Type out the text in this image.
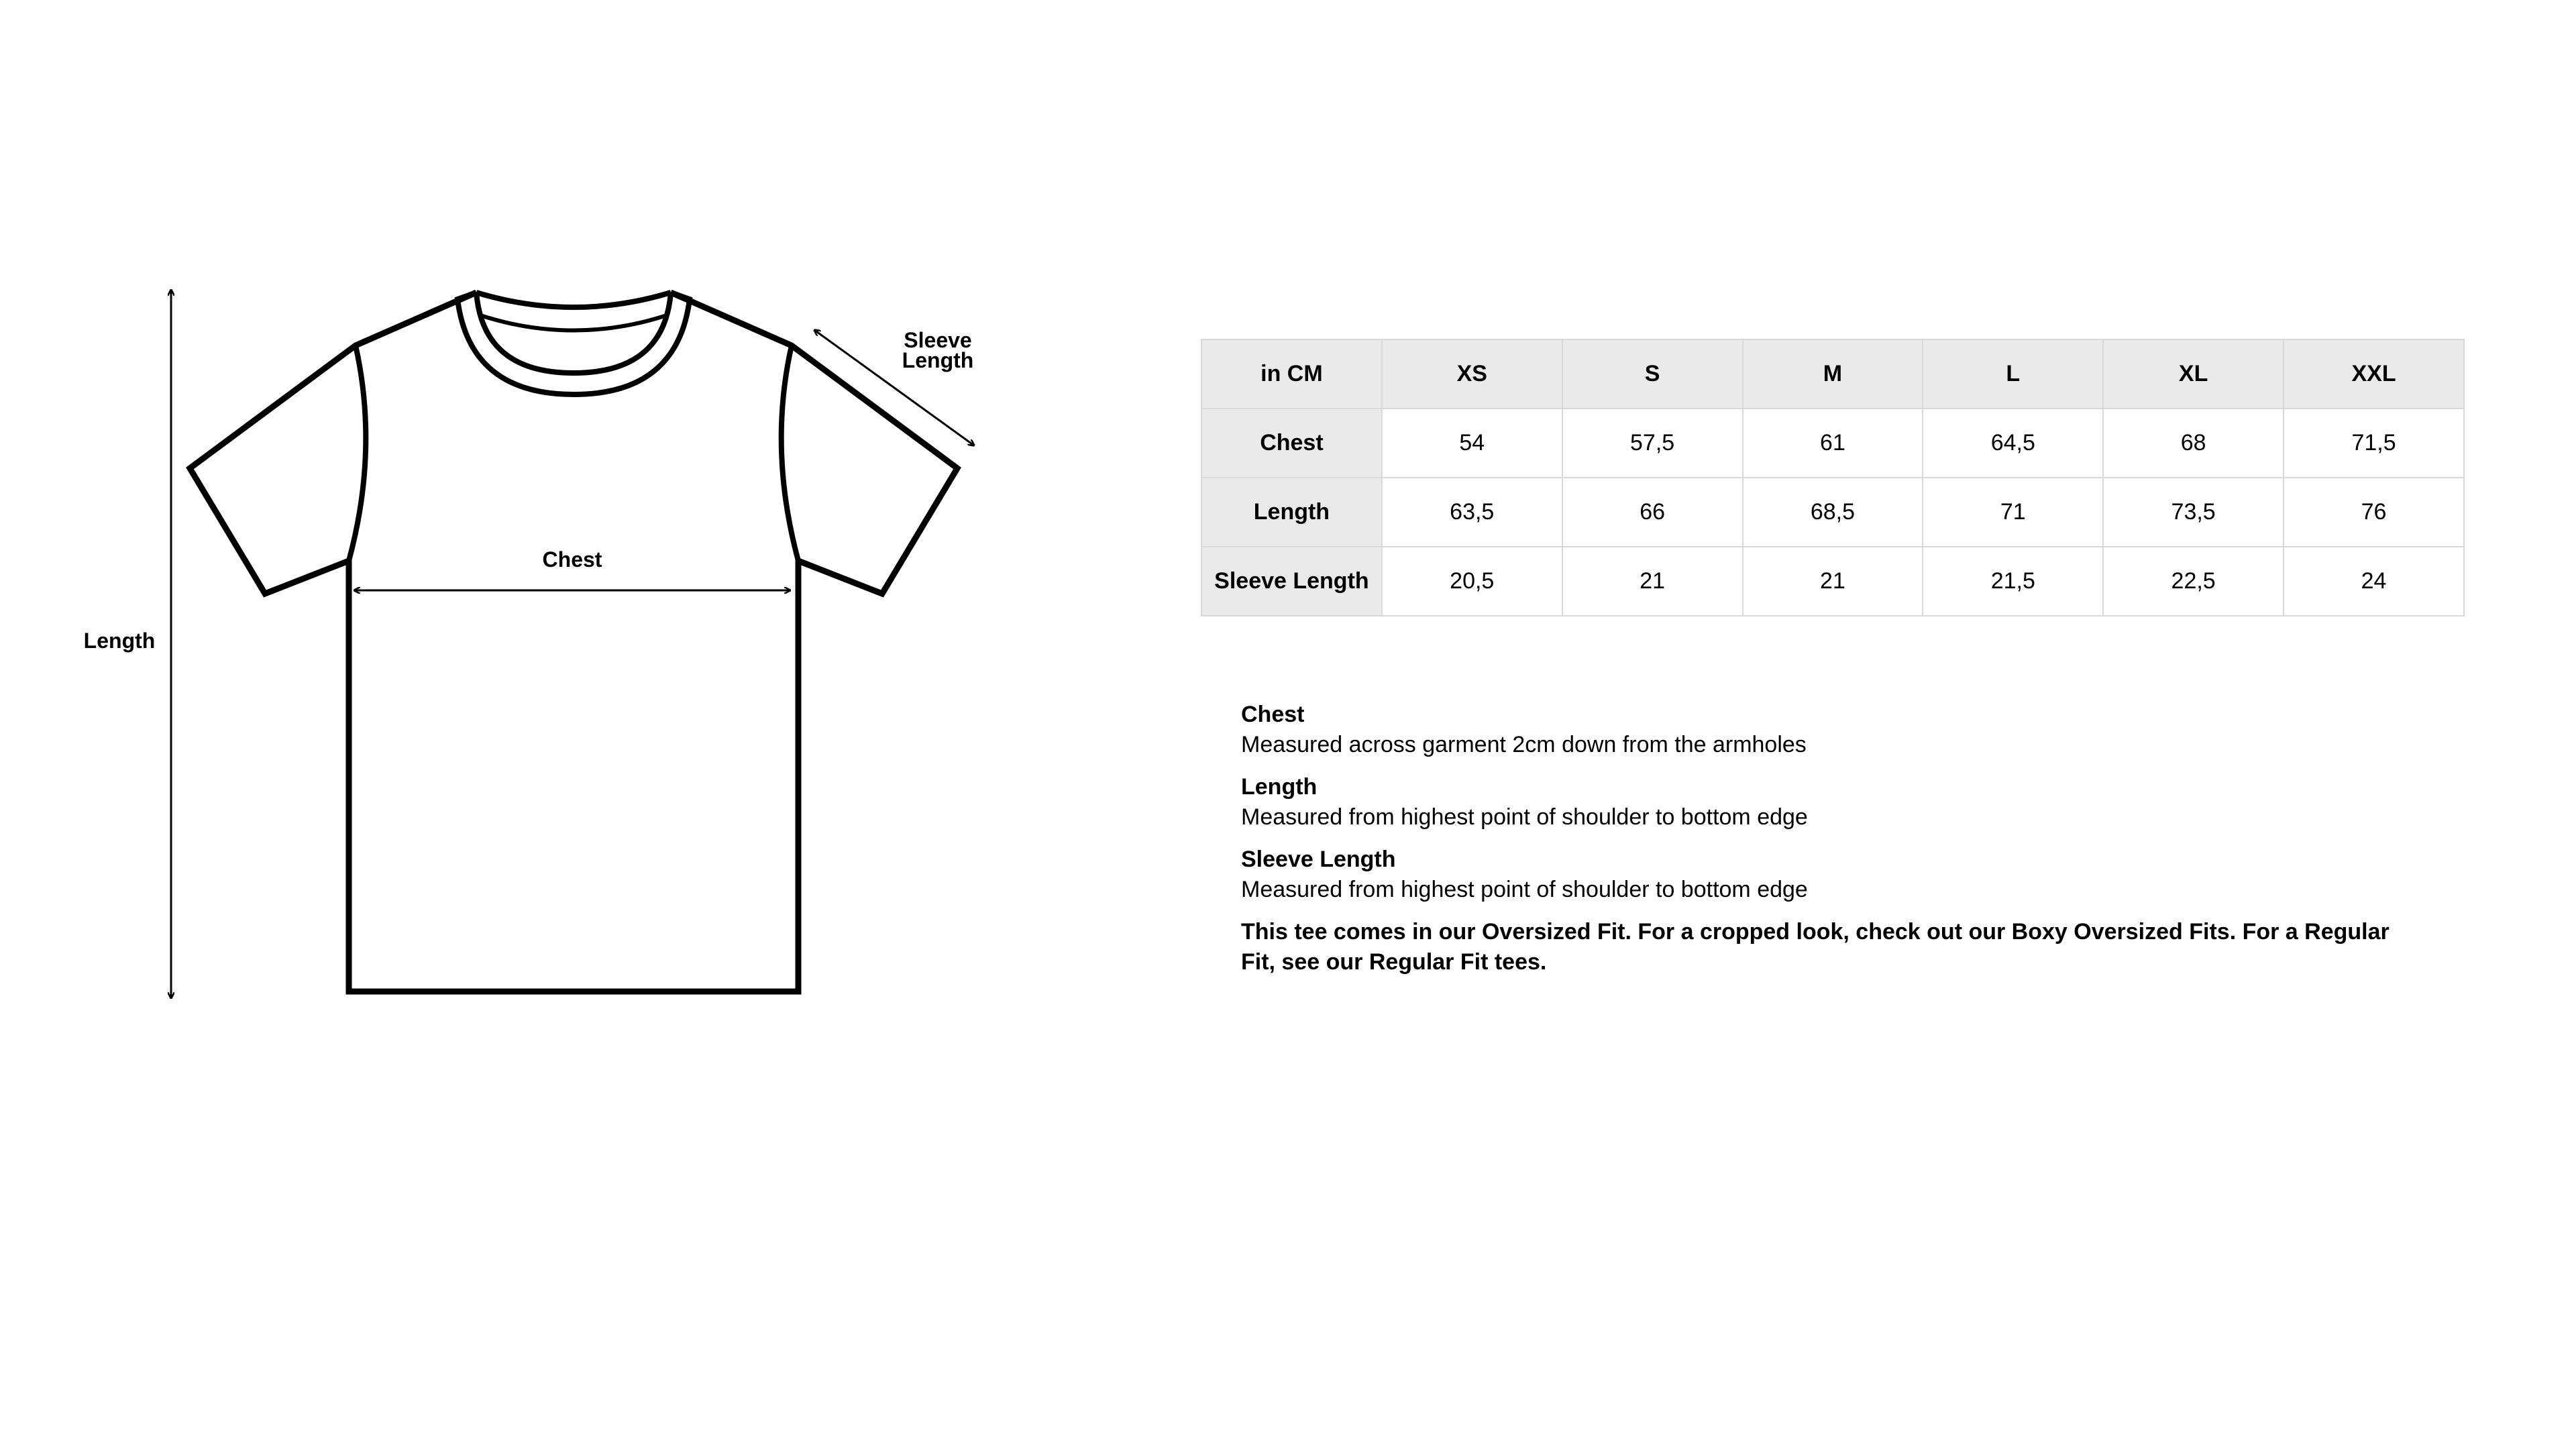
Length
Chest
Sleeve
Length
in CM	XS	S	M	L	XL	XXL
Chest	54	57,5	61	64,5	68	71,5
Length	63,5	66	68,5	71	73,5	76
Sleeve Length	20,5	21	21	21,5	22,5	24
Chest
Measured across garment 2cm down from the armholes
Length
Measured from highest point of shoulder to bottom edge
Sleeve Length
Measured from highest point of shoulder to bottom edge
This tee comes in our Oversized Fit. For a cropped look, check out our Boxy Oversized Fits. For a Regular Fit, see our Regular Fit tees.
